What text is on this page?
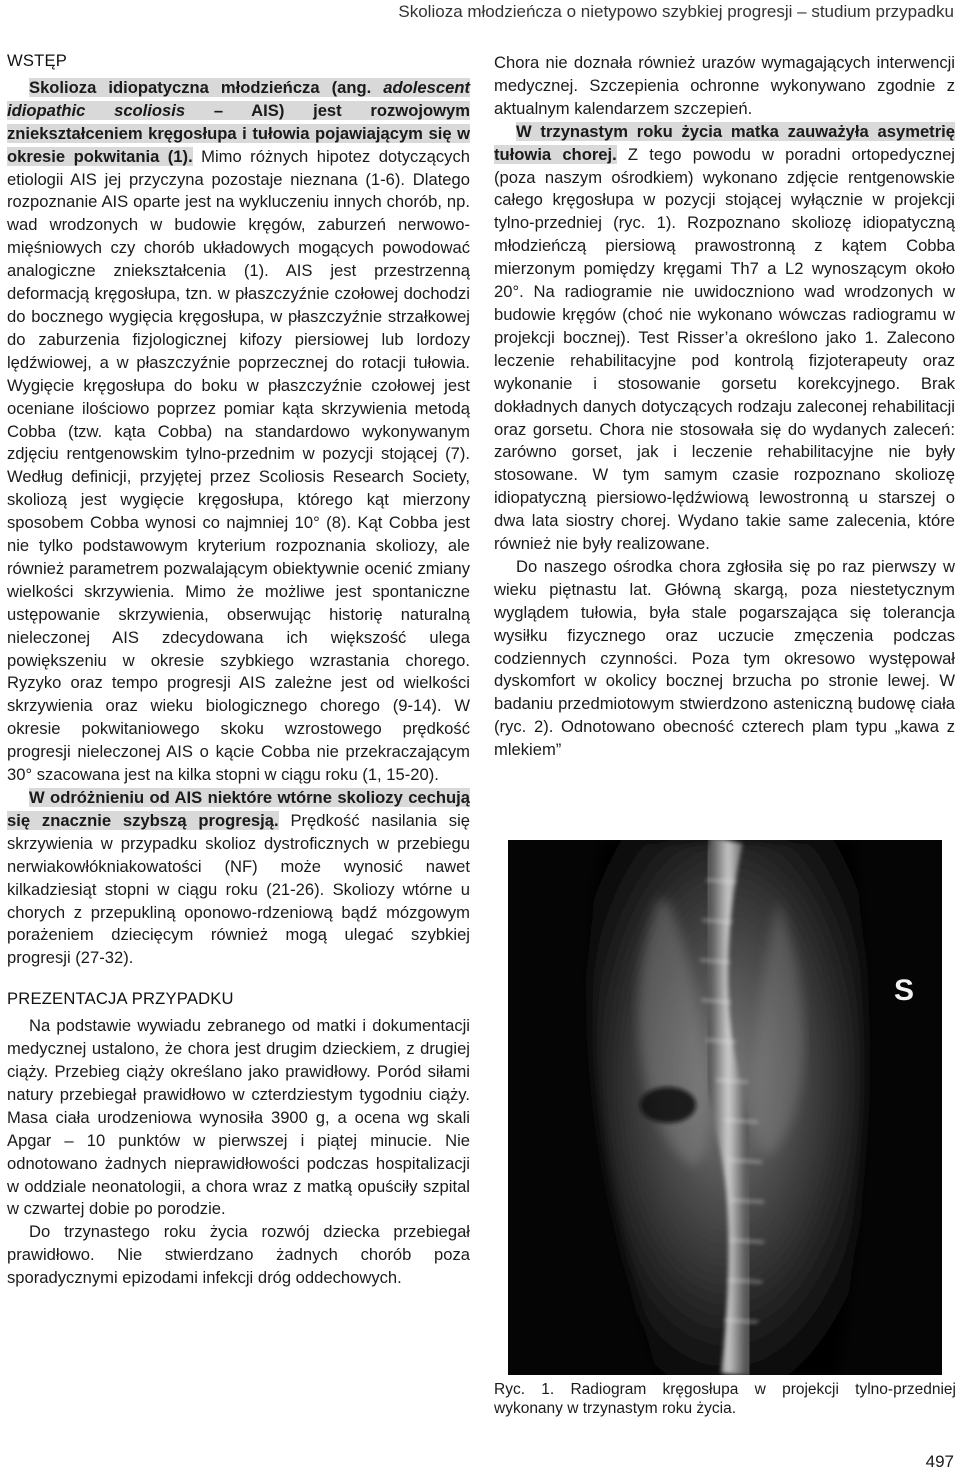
Skolioza młodzieńcza o nietypowo szybkiej progresji – studium przypadku
WSTĘP

Skolioza idiopatyczna młodzieńcza (ang. adolescent idiopathic scoliosis – AIS) jest rozwojowym zniekształceniem kręgosłupa i tułowia pojawiającym się w okresie pokwitania (1). Mimo różnych hipotez dotyczących etiologii AIS jej przyczyna pozostaje nieznana (1-6). Dlatego rozpoznanie AIS oparte jest na wykluczeniu innych chorób, np. wad wrodzonych w budowie kręgów, zaburzeń nerwowo-mięśniowych czy chorób układowych mogących powodować analogiczne zniekształcenia (1). AIS jest przestrzenną deformacją kręgosłupa, tzn. w płaszczyźnie czołowej dochodzi do bocznego wygięcia kręgosłupa, w płaszczyźnie strzałkowej do zaburzenia fizjologicznej kifozy piersiowej lub lordozy lędźwiowej, a w płaszczyźnie poprzecznej do rotacji tułowia. Wygięcie kręgosłupa do boku w płaszczyźnie czołowej jest oceniane ilościowo poprzez pomiar kąta skrzywienia metodą Cobba (tzw. kąta Cobba) na standardowo wykonywanym zdjęciu rentgenowskim tylno-przednim w pozycji stojącej (7). Według definicji, przyjętej przez Scoliosis Research Society, skoliozą jest wygięcie kręgosłupa, którego kąt mierzony sposobem Cobba wynosi co najmniej 10° (8). Kąt Cobba jest nie tylko podstawowym kryterium rozpoznania skoliozy, ale również parametrem pozwalającym obiektywnie ocenić zmiany wielkości skrzywienia. Mimo że możliwe jest spontaniczne ustępowanie skrzywienia, obserwując historię naturalną nieleczonej AIS zdecydowana ich większość ulega powiększeniu w okresie szybkiego wzrastania chorego. Ryzyko oraz tempo progresji AIS zależne jest od wielkości skrzywienia oraz wieku biologicznego chorego (9-14). W okresie pokwitaniowego skoku wzrostowego prędkość progresji nieleczonej AIS o kącie Cobba nie przekraczającym 30° szacowana jest na kilka stopni w ciągu roku (1, 15-20).

W odróżnieniu od AIS niektóre wtórne skoliozy cechują się znacznie szybszą progresją. Prędkość nasilania się skrzywienia w przypadku skolioz dystroficznych w przebiegu nerwiakowłókniakowatości (NF) może wynosić nawet kilkadziesiąt stopni w ciągu roku (21-26). Skoliozy wtórne u chorych z przepukliną oponowo-rdzeniową bądź mózgowym porażeniem dziecięcym również mogą ulegać szybkiej progresji (27-32).

PREZENTACJA PRZYPADKU

Na podstawie wywiadu zebranego od matki i dokumentacji medycznej ustalono, że chora jest drugim dzieckiem, z drugiej ciąży. Przebieg ciąży określano jako prawidłowy. Poród siłami natury przebiegał prawidłowo w czterdziestym tygodniu ciąży. Masa ciała urodzeniowa wynosiła 3900 g, a ocena wg skali Apgar – 10 punktów w pierwszej i piątej minucie. Nie odnotowano żadnych nieprawidłowości podczas hospitalizacji w oddziale neonatologii, a chora wraz z matką opuściły szpital w czwartej dobie po porodzie.

Do trzynastego roku życia rozwój dziecka przebiegał prawidłowo. Nie stwierdzano żadnych chorób poza sporadycznymi epizodami infekcji dróg oddechowych.

Chora nie doznała również urazów wymagających interwencji medycznej. Szczepienia ochronne wykonywano zgodnie z aktualnym kalendarzem szczepień.

W trzynastym roku życia matka zauważyła asymetrię tułowia chorej. Z tego powodu w poradni ortopedycznej (poza naszym ośrodkiem) wykonano zdjęcie rentgenowskie całego kręgosłupa w pozycji stojącej wyłącznie w projekcji tylno-przedniej (ryc. 1). Rozpoznano skoliozę idiopatyczną młodzieńczą piersiową prawostronną z kątem Cobba mierzonym pomiędzy kręgami Th7 a L2 wynoszącym około 20°. Na radiogramie nie uwidoczniono wad wrodzonych w budowie kręgów (choć nie wykonano wówczas radiogramu w projekcji bocznej). Test Risser’a określono jako 1. Zalecono leczenie rehabilitacyjne pod kontrolą fizjoterapeuty oraz wykonanie i stosowanie gorsetu korekcyjnego. Brak dokładnych danych dotyczących rodzaju zaleconej rehabilitacji oraz gorsetu. Chora nie stosowała się do wydanych zaleceń: zarówno gorset, jak i leczenie rehabilitacyjne nie były stosowane. W tym samym czasie rozpoznano skoliozę idiopatyczną piersiowo-lędźwiową lewostronną u starszej o dwa lata siostry chorej. Wydano takie same zalecenia, które również nie były realizowane.

Do naszego ośrodka chora zgłosiła się po raz pierwszy w wieku piętnastu lat. Główną skargą, poza niestetycznym wyglądem tułowia, była stale pogarszająca się tolerancja wysiłku fizycznego oraz uczucie zmęczenia podczas codziennych czynności. Poza tym okresowo występował dyskomfort w okolicy bocznej brzucha po stronie lewej. W badaniu przedmiotowym stwierdzono asteniczną budowę ciała (ryc. 2). Odnotowano obecność czterech plam typu „kawa z mlekiem”

S
Ryc. 1. Radiogram kręgosłupa w projekcji tylno-przedniej wykonany w trzynastym roku życia.
497
